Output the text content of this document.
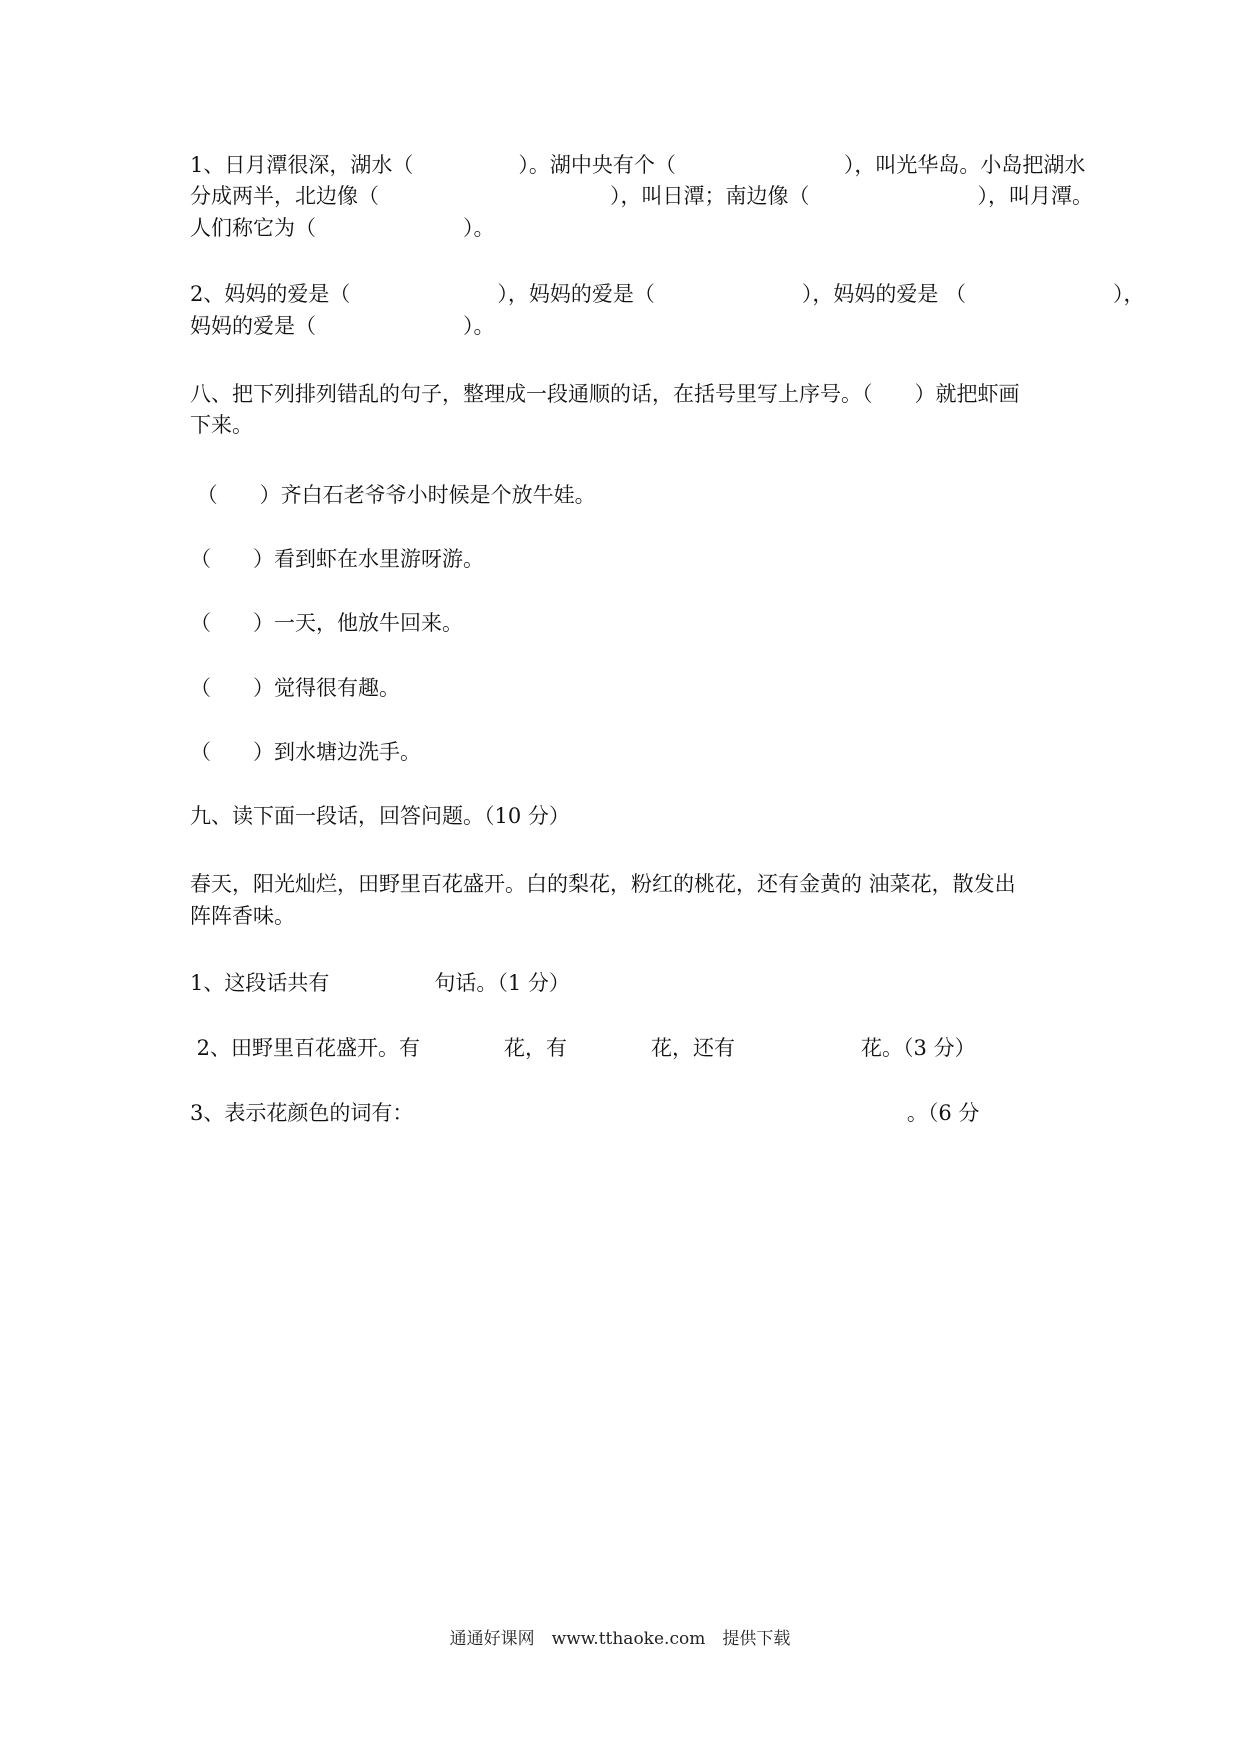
1、日月潭很深，湖水（　　　　　）。湖中央有个（　　　　　　　　），叫光华岛。小岛把湖水
分成两半，北边像（　　　　　　　　　　　），叫日潭；南边像（　　　　　　　　），叫月潭。
人们称它为（　　　　　　　）。
2、妈妈的爱是（　　　　　　　），妈妈的爱是（　　　　　　　），妈妈的爱是 （　　　　　　　），
妈妈的爱是（　　　　　　　）。
八、把下列排列错乱的句子，整理成一段通顺的话，在括号里写上序号。（　　）就把虾画
下来。
（　　）齐白石老爷爷小时候是个放牛娃。
（　　）看到虾在水里游呀游。
（　　）一天，他放牛回来。
（　　）觉得很有趣。
（　　）到水塘边洗手。
九、读下面一段话，回答问题。（10 分）
春天，阳光灿烂，田野里百花盛开。白的梨花，粉红的桃花，还有金黄的 油菜花，散发出
阵阵香味。
1、这段话共有　　　　　句话。（1 分）
2、田野里百花盛开。有　　　　花，有　　　　花，还有　　　　　　花。（3 分）
3、表示花颜色的词有：　　　　　　　　　　　　　　　　　　　　　　　　。（6 分
通通好课网　www.tthaoke.com　提供下载
